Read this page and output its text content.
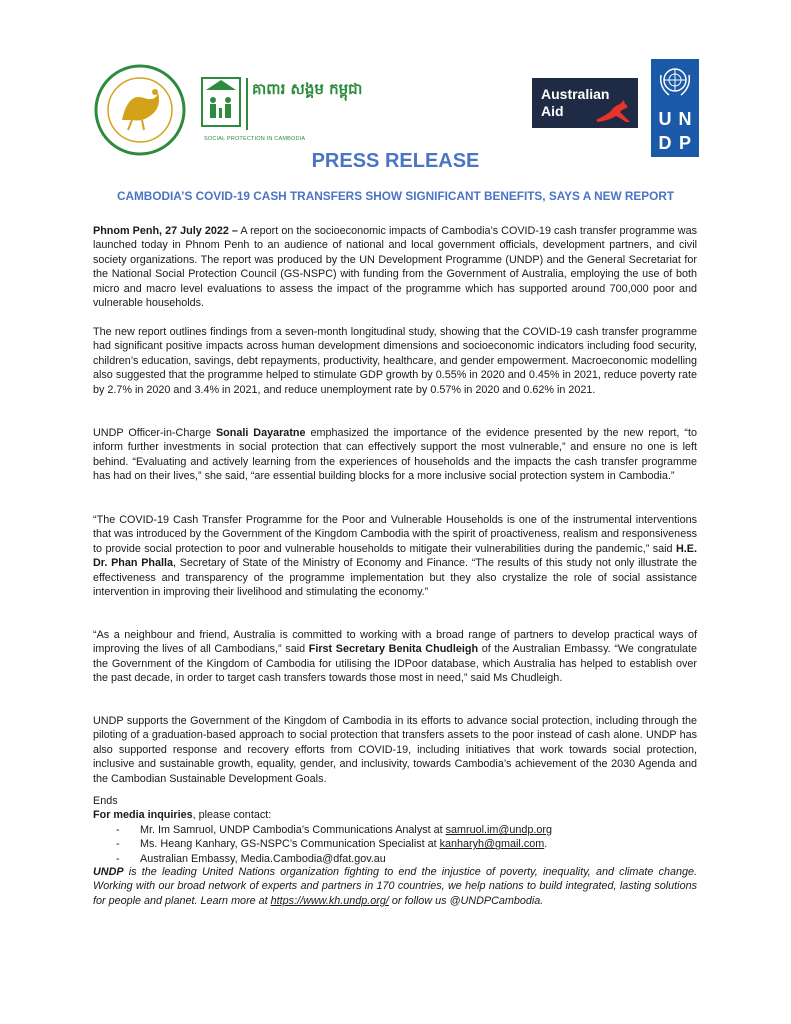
គាពារ សង្គម កម្ពុជា
SOCIAL PROTECTION IN CAMBODIA
Australian
Aid	U N
D P
PRESS RELEASE
CAMBODIA’S COVID-19 CASH TRANSFERS SHOW SIGNIFICANT BENEFITS, SAYS A NEW REPORT
Phnom Penh, 27 July 2022 – A report on the socioeconomic impacts of Cambodia’s COVID-19 cash transfer programme was launched today in Phnom Penh to an audience of national and local government officials, development partners, and civil society organizations. The report was produced by the UN Development Programme (UNDP) and the General Secretariat for the National Social Protection Council (GS-NSPC) with funding from the Government of Australia, employing the use of both micro and macro level evaluations to assess the impact of the programme which has supported around 700,000 poor and vulnerable households.
The new report outlines findings from a seven-month longitudinal study, showing that the COVID-19 cash transfer programme had significant positive impacts across human development dimensions and socioeconomic indicators including food security, children’s education, savings, debt repayments, productivity, healthcare, and gender empowerment. Macroeconomic modelling also suggested that the programme helped to stimulate GDP growth by 0.55% in 2020 and 0.45% in 2021, reduce poverty rate by 2.7% in 2020 and 3.4% in 2021, and reduce unemployment rate by 0.57% in 2020 and 0.62% in 2021.
UNDP Officer-in-Charge Sonali Dayaratne emphasized the importance of the evidence presented by the new report, “to inform further investments in social protection that can effectively support the most vulnerable,” and ensure no one is left behind. “Evaluating and actively learning from the experiences of households and the impacts the cash transfer programme has had on their lives,” she said, “are essential building blocks for a more inclusive social protection system in Cambodia.”
“The COVID-19 Cash Transfer Programme for the Poor and Vulnerable Households is one of the instrumental interventions that was introduced by the Government of the Kingdom Cambodia with the spirit of proactiveness, realism and responsiveness to provide social protection to poor and vulnerable households to mitigate their vulnerabilities during the pandemic,” said H.E. Dr. Phan Phalla, Secretary of State of the Ministry of Economy and Finance. “The results of this study not only illustrate the effectiveness and transparency of the programme implementation but they also crystalize the role of social assistance intervention in improving their livelihood and stimulating the economy.”
“As a neighbour and friend, Australia is committed to working with a broad range of partners to develop practical ways of improving the lives of all Cambodians,” said First Secretary Benita Chudleigh of the Australian Embassy. “We congratulate the Government of the Kingdom of Cambodia for utilising the IDPoor database, which Australia has helped to establish over the past decade, in order to target cash transfers towards those most in need,” said Ms Chudleigh.
UNDP supports the Government of the Kingdom of Cambodia in its efforts to advance social protection, including through the piloting of a graduation-based approach to social protection that transfers assets to the poor instead of cash alone. UNDP has also supported response and recovery efforts from COVID-19, including initiatives that work towards social protection, inclusive and sustainable growth, equality, gender, and inclusivity, towards Cambodia’s achievement of the 2030 Agenda and the Cambodian Sustainable Development Goals.
Ends
For media inquiries, please contact:
- Mr. Im Samruol, UNDP Cambodia’s Communications Analyst at samruol.im@undp.org
- Ms. Heang Kanhary, GS-NSPC’s Communication Specialist at kanharyh@gmail.com.
- Australian Embassy, Media.Cambodia@dfat.gov.au
UNDP is the leading United Nations organization fighting to end the injustice of poverty, inequality, and climate change. Working with our broad network of experts and partners in 170 countries, we help nations to build integrated, lasting solutions for people and planet. Learn more at https://www.kh.undp.org/ or follow us @UNDPCambodia.
